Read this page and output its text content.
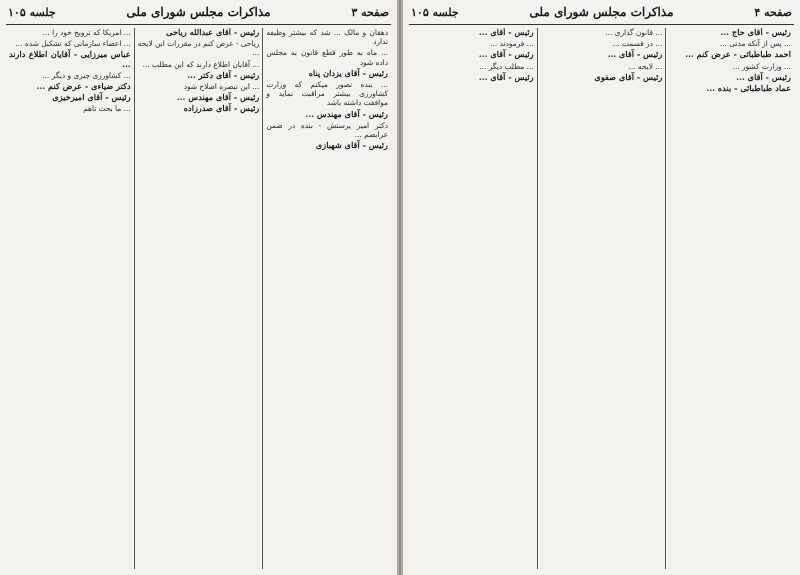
صفحه ۳
مذاکرات مجلس شورای ملی
جلسه ۱۰۵

دهقان و مالک ... شد که بیشتر وظیفه ندارد

... ماه به طور قطع قانون به مجلس داده شود

رئیس - آقای یزدان پناه

... بنده تصور میکنم که وزارت کشاورزی بیشتر مراقبت نماید و موافقت داشته باشد

رئیس - آقای مهندس ...

دکتر امیر پرستش - بنده در ضمن عرایضم ...

رئیس - آقای شهبازی

رئیس - آقای عبدالله ریاحی

ریاحی - عرض کنم در مقررات این لایحه ...

... آقایان اطلاع دارند که این مطلب ...

رئیس - آقای دکتر ...

... این تبصره اصلاح شود

رئیس - آقای مهندس ...

رئیس - آقای صدرزاده

... امریکا که ترویج خود را ...

... اعضاء سازمانی که تشکیل شده ...

عباس میرزایی - آقایان اطلاع دارند ...

... کشاورزی چیزی و دیگر ...

دکتر ضیاءی - عرض کنم ...

رئیس - آقای امیرخیزی

... ما بحث تاهم

صفحه ۴
مذاکرات مجلس شورای ملی
جلسه ۱۰۵

رئیس - آقای حاج ...

... پس از آنکه مدتی ...

احمد طباطبائی - عرض کنم ...

... وزارت کشور ...

رئیس - آقای ...

عماد طباطبائی - بنده ...

... قانون گذاری ...

... در قسمت ...

رئیس - آقای ...

... لایحه ...

رئیس - آقای صفوی

رئیس - آقای ...

... فرمودند ...

رئیس - آقای ...

... مطلب دیگر ...

رئیس - آقای ...
